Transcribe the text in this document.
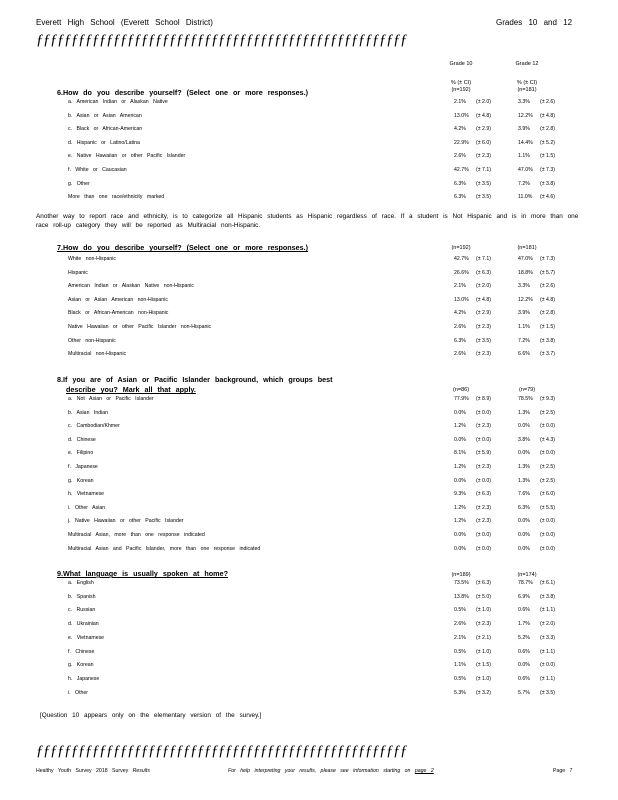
Everett High School (Everett School District)	Grades 10 and 12
ƒƒƒƒƒƒƒƒƒƒƒƒƒƒƒƒƒƒƒƒƒƒƒƒƒƒƒƒƒƒƒƒƒƒƒƒƒƒƒƒƒƒƒƒƒƒƒƒƒƒƒƒƒ
Grade 10	Grade 12
% (± CI)	% (± CI)
(n=192)	(n=181)
6.How do you describe yourself? (Select one or more responses.)
a. American Indian or Alaskan Native	2.1% (± 2.0)	3.3% (± 2.6)
b. Asian or Asian American	13.0% (± 4.8)	12.2% (± 4.8)
c. Black or African-American	4.2% (± 2.9)	3.9% (± 2.8)
d. Hispanic or Latino/Latina	22.9% (± 6.0)	14.4% (± 5.2)
e. Native Hawaiian or other Pacific Islander	2.6% (± 2.3)	1.1% (± 1.5)
f. White or Caucasian	42.7% (± 7.1)	47.0% (± 7.3)
g. Other	6.3% (± 3.5)	7.2% (± 3.8)
More than one race/ethnicity marked	6.3% (± 3.5)	11.0% (± 4.6)
Another way to report race and ethnicity, is to categorize all Hispanic students as Hispanic regardless of race. If a student is Not Hispanic and is in more than one race roll-up category they will be reported as Multiracial non-Hispanic.
7.How do you describe yourself? (Select one or more responses.)	(n=192)	(n=181)
White non-Hispanic	42.7% (± 7.1)	47.0% (± 7.3)
Hispanic	26.6% (± 6.3)	18.8% (± 5.7)
American Indian or Alaskan Native non-Hispanic	2.1% (± 2.0)	3.3% (± 2.6)
Asian or Asian American non-Hispanic	13.0% (± 4.8)	12.2% (± 4.8)
Black or African-American non-Hispanic	4.2% (± 2.9)	3.9% (± 2.8)
Native Hawaiian or other Pacific Islander non-Hispanic	2.6% (± 2.3)	1.1% (± 1.5)
Other non-Hispanic	6.3% (± 3.5)	7.2% (± 3.8)
Multiracial non-Hispanic	2.6% (± 2.3)	6.6% (± 3.7)
8.If you are of Asian or Pacific Islander background, which groups best
describe you? Mark all that apply.	(n=86)	(n=79)
a. Not Asian or Pacific Islander	77.9% (± 8.9)	78.5% (± 9.3)
b. Asian Indian	0.0% (± 0.0)	1.3% (± 2.5)
c. Cambodian/Khmer	1.2% (± 2.3)	0.0% (± 0.0)
d. Chinese	0.0% (± 0.0)	3.8% (± 4.3)
e. Filipino	8.1% (± 5.9)	0.0% (± 0.0)
f. Japanese	1.2% (± 2.3)	1.3% (± 2.5)
g. Korean	0.0% (± 0.0)	1.3% (± 2.5)
h. Vietnamese	9.3% (± 6.3)	7.6% (± 6.0)
i. Other Asian	1.2% (± 2.3)	6.3% (± 5.5)
j. Native Hawaiian or other Pacific Islander	1.2% (± 2.3)	0.0% (± 0.0)
Multiracial Asian, more than one response indicated	0.0% (± 0.0)	0.0% (± 0.0)
Multiracial Asian and Pacific Islander, more than one response indicated	0.0% (± 0.0)	0.0% (± 0.0)
9.What language is usually spoken at home?	(n=189)	(n=174)
a. English	73.5% (± 6.3)	78.7% (± 6.1)
b. Spanish	13.8% (± 5.0)	6.9% (± 3.8)
c. Russian	0.5% (± 1.0)	0.6% (± 1.1)
d. Ukrainian	2.6% (± 2.3)	1.7% (± 2.0)
e. Vietnamese	2.1% (± 2.1)	5.2% (± 3.3)
f. Chinese	0.5% (± 1.0)	0.6% (± 1.1)
g. Korean	1.1% (± 1.5)	0.0% (± 0.0)
h. Japanese	0.5% (± 1.0)	0.6% (± 1.1)
i. Other	5.3% (± 3.2)	5.7% (± 3.5)
[Question 10 appears only on the elementary version of the survey.]
ƒƒƒƒƒƒƒƒƒƒƒƒƒƒƒƒƒƒƒƒƒƒƒƒƒƒƒƒƒƒƒƒƒƒƒƒƒƒƒƒƒƒƒƒƒƒƒƒƒƒƒƒƒ
Healthy Youth Survey 2018 Survey Results	For help interpreting your results, please see information starting on page 2	Page 7
